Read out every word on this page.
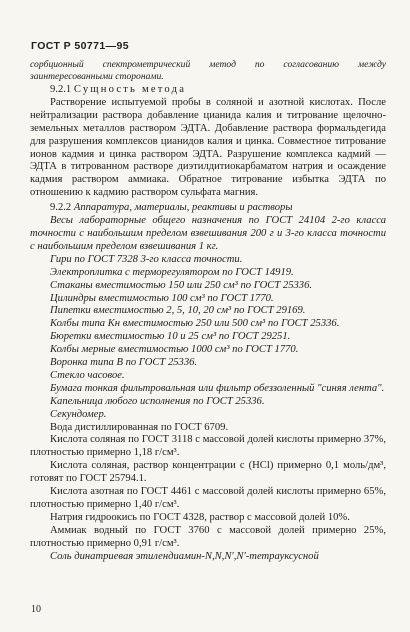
ГОСТ Р 50771—95
сорбционный спектрометрический метод по согласованию между заинтересованными сторонами.

9.2.1 Сущность метода

Растворение испытуемой пробы в соляной и азотной кислотах. После нейтрализации раствора добавление цианида калия и титрование щелочно-земельных металлов раствором ЭДТА. Добавление раствора формальдегида для разрушения комплексов цианидов калия и цинка. Совместное титрование ионов кадмия и цинка раствором ЭДТА. Разрушение комплекса кадмий — ЭДТА в титрованном растворе диэтилдитиокарбаматом натрия и осаждение кадмия раствором аммиака. Обратное титрование избытка ЭДТА по отношению к кадмию раствором сульфата магния.

9.2.2 Аппаратура, материалы, реактивы и растворы

Весы лабораторные общего назначения по ГОСТ 24104 2-го класса точности с наибольшим пределом взвешивания 200 г и 3-го класса точности с наибольшим пределом взвешивания 1 кг.

Гири по ГОСТ 7328 3-го класса точности.

Электроплитка с терморегулятором по ГОСТ 14919.

Стаканы вместимостью 150 или 250 см³ по ГОСТ 25336.

Цилиндры вместимостью 100 см³ по ГОСТ 1770.

Пипетки вместимостью 2, 5, 10, 20 см³ по ГОСТ 29169.

Колбы типа Кн вместимостью 250 или 500 см³ по ГОСТ 25336.

Бюретки вместимостью 10 и 25 см³ по ГОСТ 29251.

Колбы мерные вместимостью 1000 см³ по ГОСТ 1770.

Воронка типа В по ГОСТ 25336.

Стекло часовое.

Бумага тонкая фильтровальная или фильтр обеззоленный "синяя лента".

Капельница любого исполнения по ГОСТ 25336.

Секундомер.

Вода дистиллированная по ГОСТ 6709.

Кислота соляная по ГОСТ 3118 с массовой долей кислоты примерно 37%, плотностью примерно 1,18 г/см³.

Кислота соляная, раствор концентрации с (HCl) примерно 0,1 моль/дм³, готовят по ГОСТ 25794.1.

Кислота азотная по ГОСТ 4461 с массовой долей кислоты примерно 65%, плотностью примерно 1,40 г/см³.

Натрия гидроокись по ГОСТ 4328, раствор с массовой долей 10%.

Аммиак водный по ГОСТ 3760 с массовой долей примерно 25%, плотностью примерно 0,91 г/см³.

Соль динатриевая этилендиамин-N,N,N′,N′-тетрауксусной

10
